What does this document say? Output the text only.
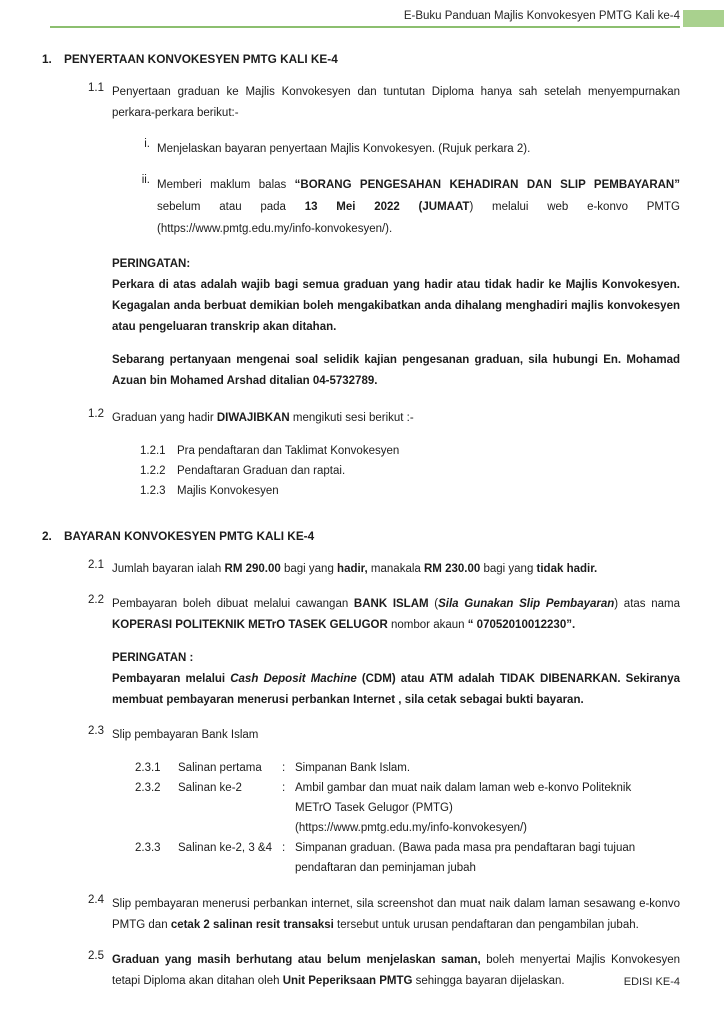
E-Buku Panduan Majlis Konvokesyen PMTG Kali ke-4
1.	PENYERTAAN KONVOKESYEN PMTG KALI KE-4
1.1 Penyertaan graduan ke Majlis Konvokesyen dan tuntutan Diploma hanya sah setelah menyempurnakan perkara-perkara berikut:-
i. Menjelaskan bayaran penyertaan Majlis Konvokesyen. (Rujuk perkara 2).
ii. Memberi maklum balas “BORANG PENGESAHAN KEHADIRAN DAN SLIP PEMBAYARAN” sebelum atau pada 13 Mei 2022 (JUMAAT) melalui web e-konvo PMTG (https://www.pmtg.edu.my/info-konvokesyen/).
PERINGATAN:
Perkara di atas adalah wajib bagi semua graduan yang hadir atau tidak hadir ke Majlis Konvokesyen. Kegagalan anda berbuat demikian boleh mengakibatkan anda dihalang menghadiri majlis konvokesyen atau pengeluaran transkrip akan ditahan.
Sebarang pertanyaan mengenai soal selidik kajian pengesanan graduan, sila hubungi En. Mohamad Azuan bin Mohamed Arshad ditalian 04-5732789.
1.2 Graduan yang hadir DIWAJIBKAN mengikuti sesi berikut :-
1.2.1 Pra pendaftaran dan Taklimat Konvokesyen
1.2.2 Pendaftaran Graduan dan raptai.
1.2.3 Majlis Konvokesyen
2.	BAYARAN KONVOKESYEN PMTG KALI KE-4
2.1 Jumlah bayaran ialah RM 290.00 bagi yang hadir, manakala RM 230.00 bagi yang tidak hadir.
2.2 Pembayaran boleh dibuat melalui cawangan BANK ISLAM (Sila Gunakan Slip Pembayaran) atas nama KOPERASI POLITEKNIK METrO TASEK GELUGOR nombor akaun “ 07052010012230”.
PERINGATAN :
Pembayaran melalui Cash Deposit Machine (CDM) atau ATM adalah TIDAK DIBENARKAN. Sekiranya membuat pembayaran menerusi perbankan Internet , sila cetak sebagai bukti bayaran.
2.3 Slip pembayaran Bank Islam
2.3.1	Salinan pertama	: Simpanan Bank Islam.
2.3.2	Salinan ke-2	: Ambil gambar dan muat naik dalam laman web e-konvo Politeknik
METrO Tasek Gelugor (PMTG)
(https://www.pmtg.edu.my/info-konvokesyen/)
2.3.3	Salinan ke-2, 3 &4 : Simpanan graduan. (Bawa pada masa pra pendaftaran bagi tujuan
pendaftaran dan peminjaman jubah
2.4 Slip pembayaran menerusi perbankan internet, sila screenshot dan muat naik dalam laman sesawang e-konvo PMTG dan cetak 2 salinan resit transaksi tersebut untuk urusan pendaftaran dan pengambilan jubah.
2.5 Graduan yang masih berhutang atau belum menjelaskan saman, boleh menyertai Majlis Konvokesyen tetapi Diploma akan ditahan oleh Unit Peperiksaan PMTG sehingga bayaran dijelaskan.	EDISI KE-4
